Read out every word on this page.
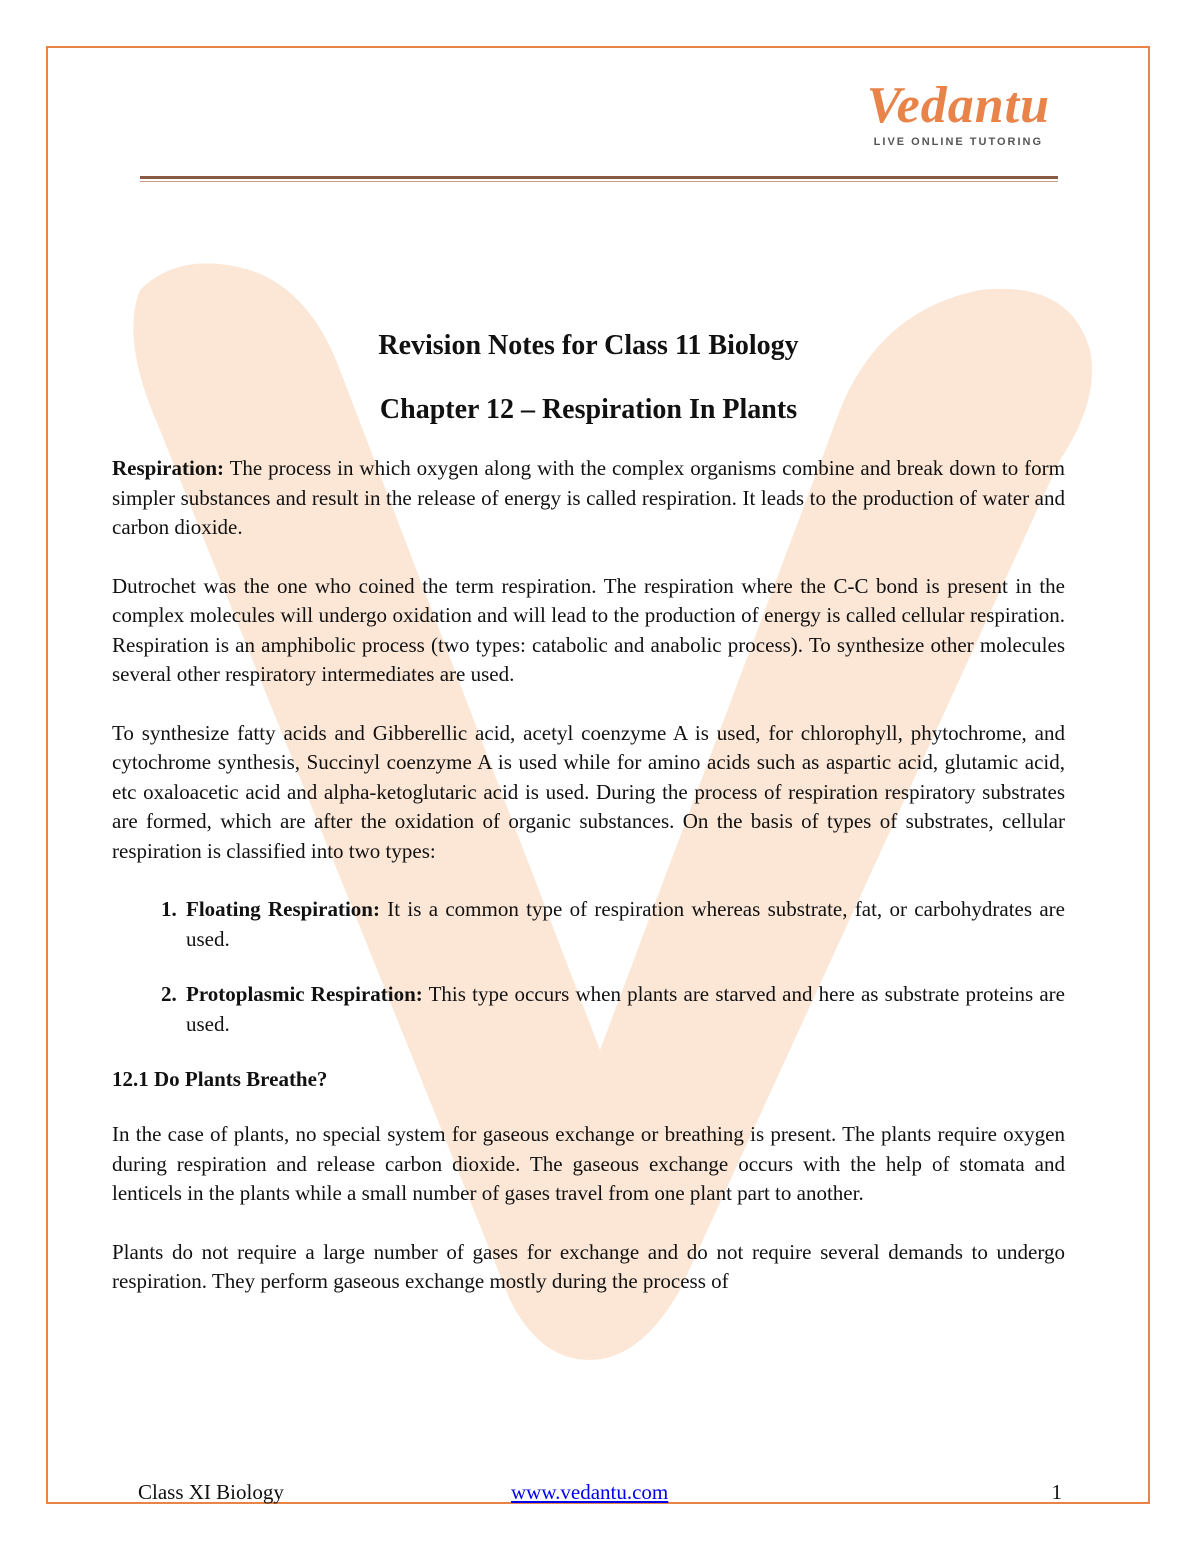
Vedantu
LIVE ONLINE TUTORING
Revision Notes for Class 11 Biology
Chapter 12 – Respiration In Plants

Respiration: The process in which oxygen along with the complex organisms combine and break down to form simpler substances and result in the release of energy is called respiration. It leads to the production of water and carbon dioxide.

Dutrochet was the one who coined the term respiration. The respiration where the C-C bond is present in the complex molecules will undergo oxidation and will lead to the production of energy is called cellular respiration. Respiration is an amphibolic process (two types: catabolic and anabolic process). To synthesize other molecules several other respiratory intermediates are used.

To synthesize fatty acids and Gibberellic acid, acetyl coenzyme A is used, for chlorophyll, phytochrome, and cytochrome synthesis, Succinyl coenzyme A is used while for amino acids such as aspartic acid, glutamic acid, etc oxaloacetic acid and alpha-ketoglutaric acid is used. During the process of respiration respiratory substrates are formed, which are after the oxidation of organic substances. On the basis of types of substrates, cellular respiration is classified into two types:

1. Floating Respiration: It is a common type of respiration whereas substrate, fat, or carbohydrates are used.
2. Protoplasmic Respiration: This type occurs when plants are starved and here as substrate proteins are used.
12.1 Do Plants Breathe?

In the case of plants, no special system for gaseous exchange or breathing is present. The plants require oxygen during respiration and release carbon dioxide. The gaseous exchange occurs with the help of stomata and lenticels in the plants while a small number of gases travel from one plant part to another.

Plants do not require a large number of gases for exchange and do not require several demands to undergo respiration. They perform gaseous exchange mostly during the process of

Class XI Biology	www.vedantu.com	1
